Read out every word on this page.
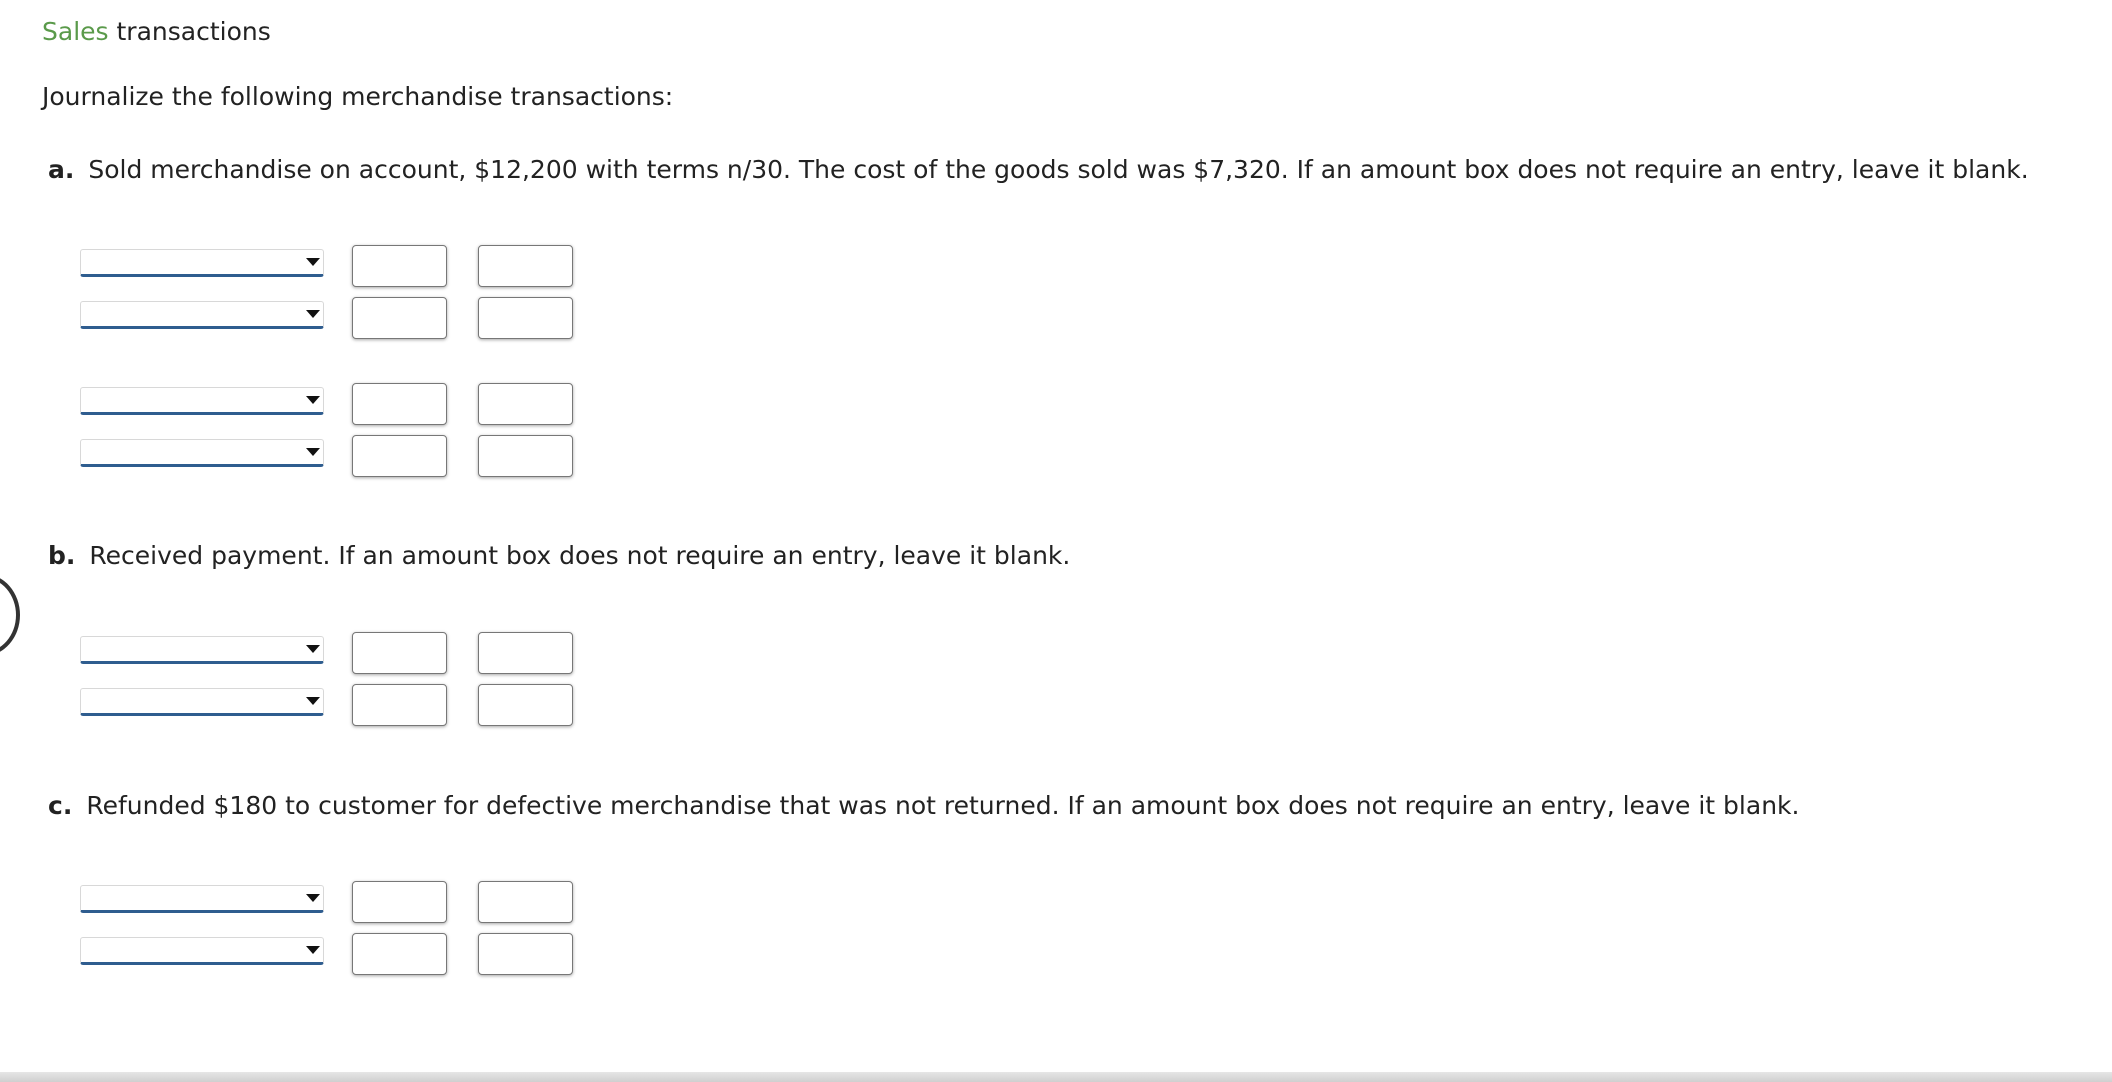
Sales transactions
Journalize the following merchandise transactions:
a. Sold merchandise on account, $12,200 with terms n/30. The cost of the goods sold was $7,320. If an amount box does not require an entry, leave it blank.
b. Received payment. If an amount box does not require an entry, leave it blank.
c. Refunded $180 to customer for defective merchandise that was not returned. If an amount box does not require an entry, leave it blank.
